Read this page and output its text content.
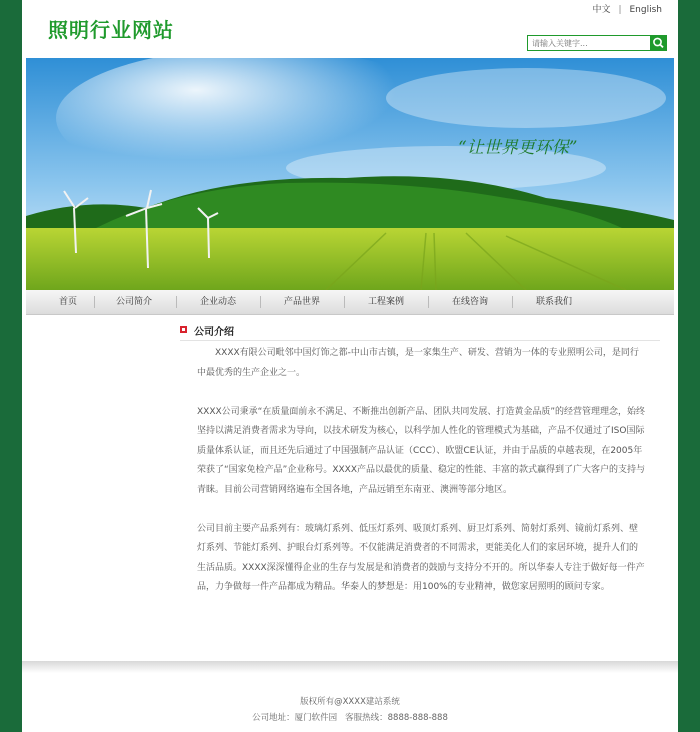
照明行业网站
中文 | English
请输入关键字...
“让世界更环保”
首页	公司简介	企业动态	产品世界	工程案例	在线咨询	联系我们
公司介绍

XXXX有限公司毗邻中国灯饰之都-中山市古镇，是一家集生产、研发、营销为一体的专业照明公司，是同行中最优秀的生产企业之一。

XXXX公司秉承“在质量面前永不满足、不断推出创新产品、团队共同发展、打造黄金品质”的经营管理理念，始终坚持以满足消费者需求为导向，以技术研发为核心，以科学加人性化的管理模式为基础，产品不仅通过了ISO国际质量体系认证，而且还先后通过了中国强制产品认证（CCC）、欧盟CE认证，并由于品质的卓越表现，在2005年荣获了“国家免检产品”企业称号。XXXX产品以最优的质量、稳定的性能、丰富的款式赢得到了广大客户的支持与青睐。目前公司营销网络遍布全国各地，产品远销至东南亚、澳洲等部分地区。

公司目前主要产品系列有：玻璃灯系列、低压灯系列、吸顶灯系列、厨卫灯系列、简射灯系列、镜前灯系列、壁灯系列、节能灯系列、护眼台灯系列等。不仅能满足消费者的不同需求，更能美化人们的家居环境，提升人们的生活品质。XXXX深深懂得企业的生存与发展是和消费者的鼓励与支持分不开的。所以华泰人专注于做好每一件产品，力争做每一件产品都成为精品。华泰人的梦想是：用100%的专业精神，做您家居照明的顾问专家。

版权所有@XXXX建站系统
公司地址：厦门软件园 客服热线：8888-888-888
